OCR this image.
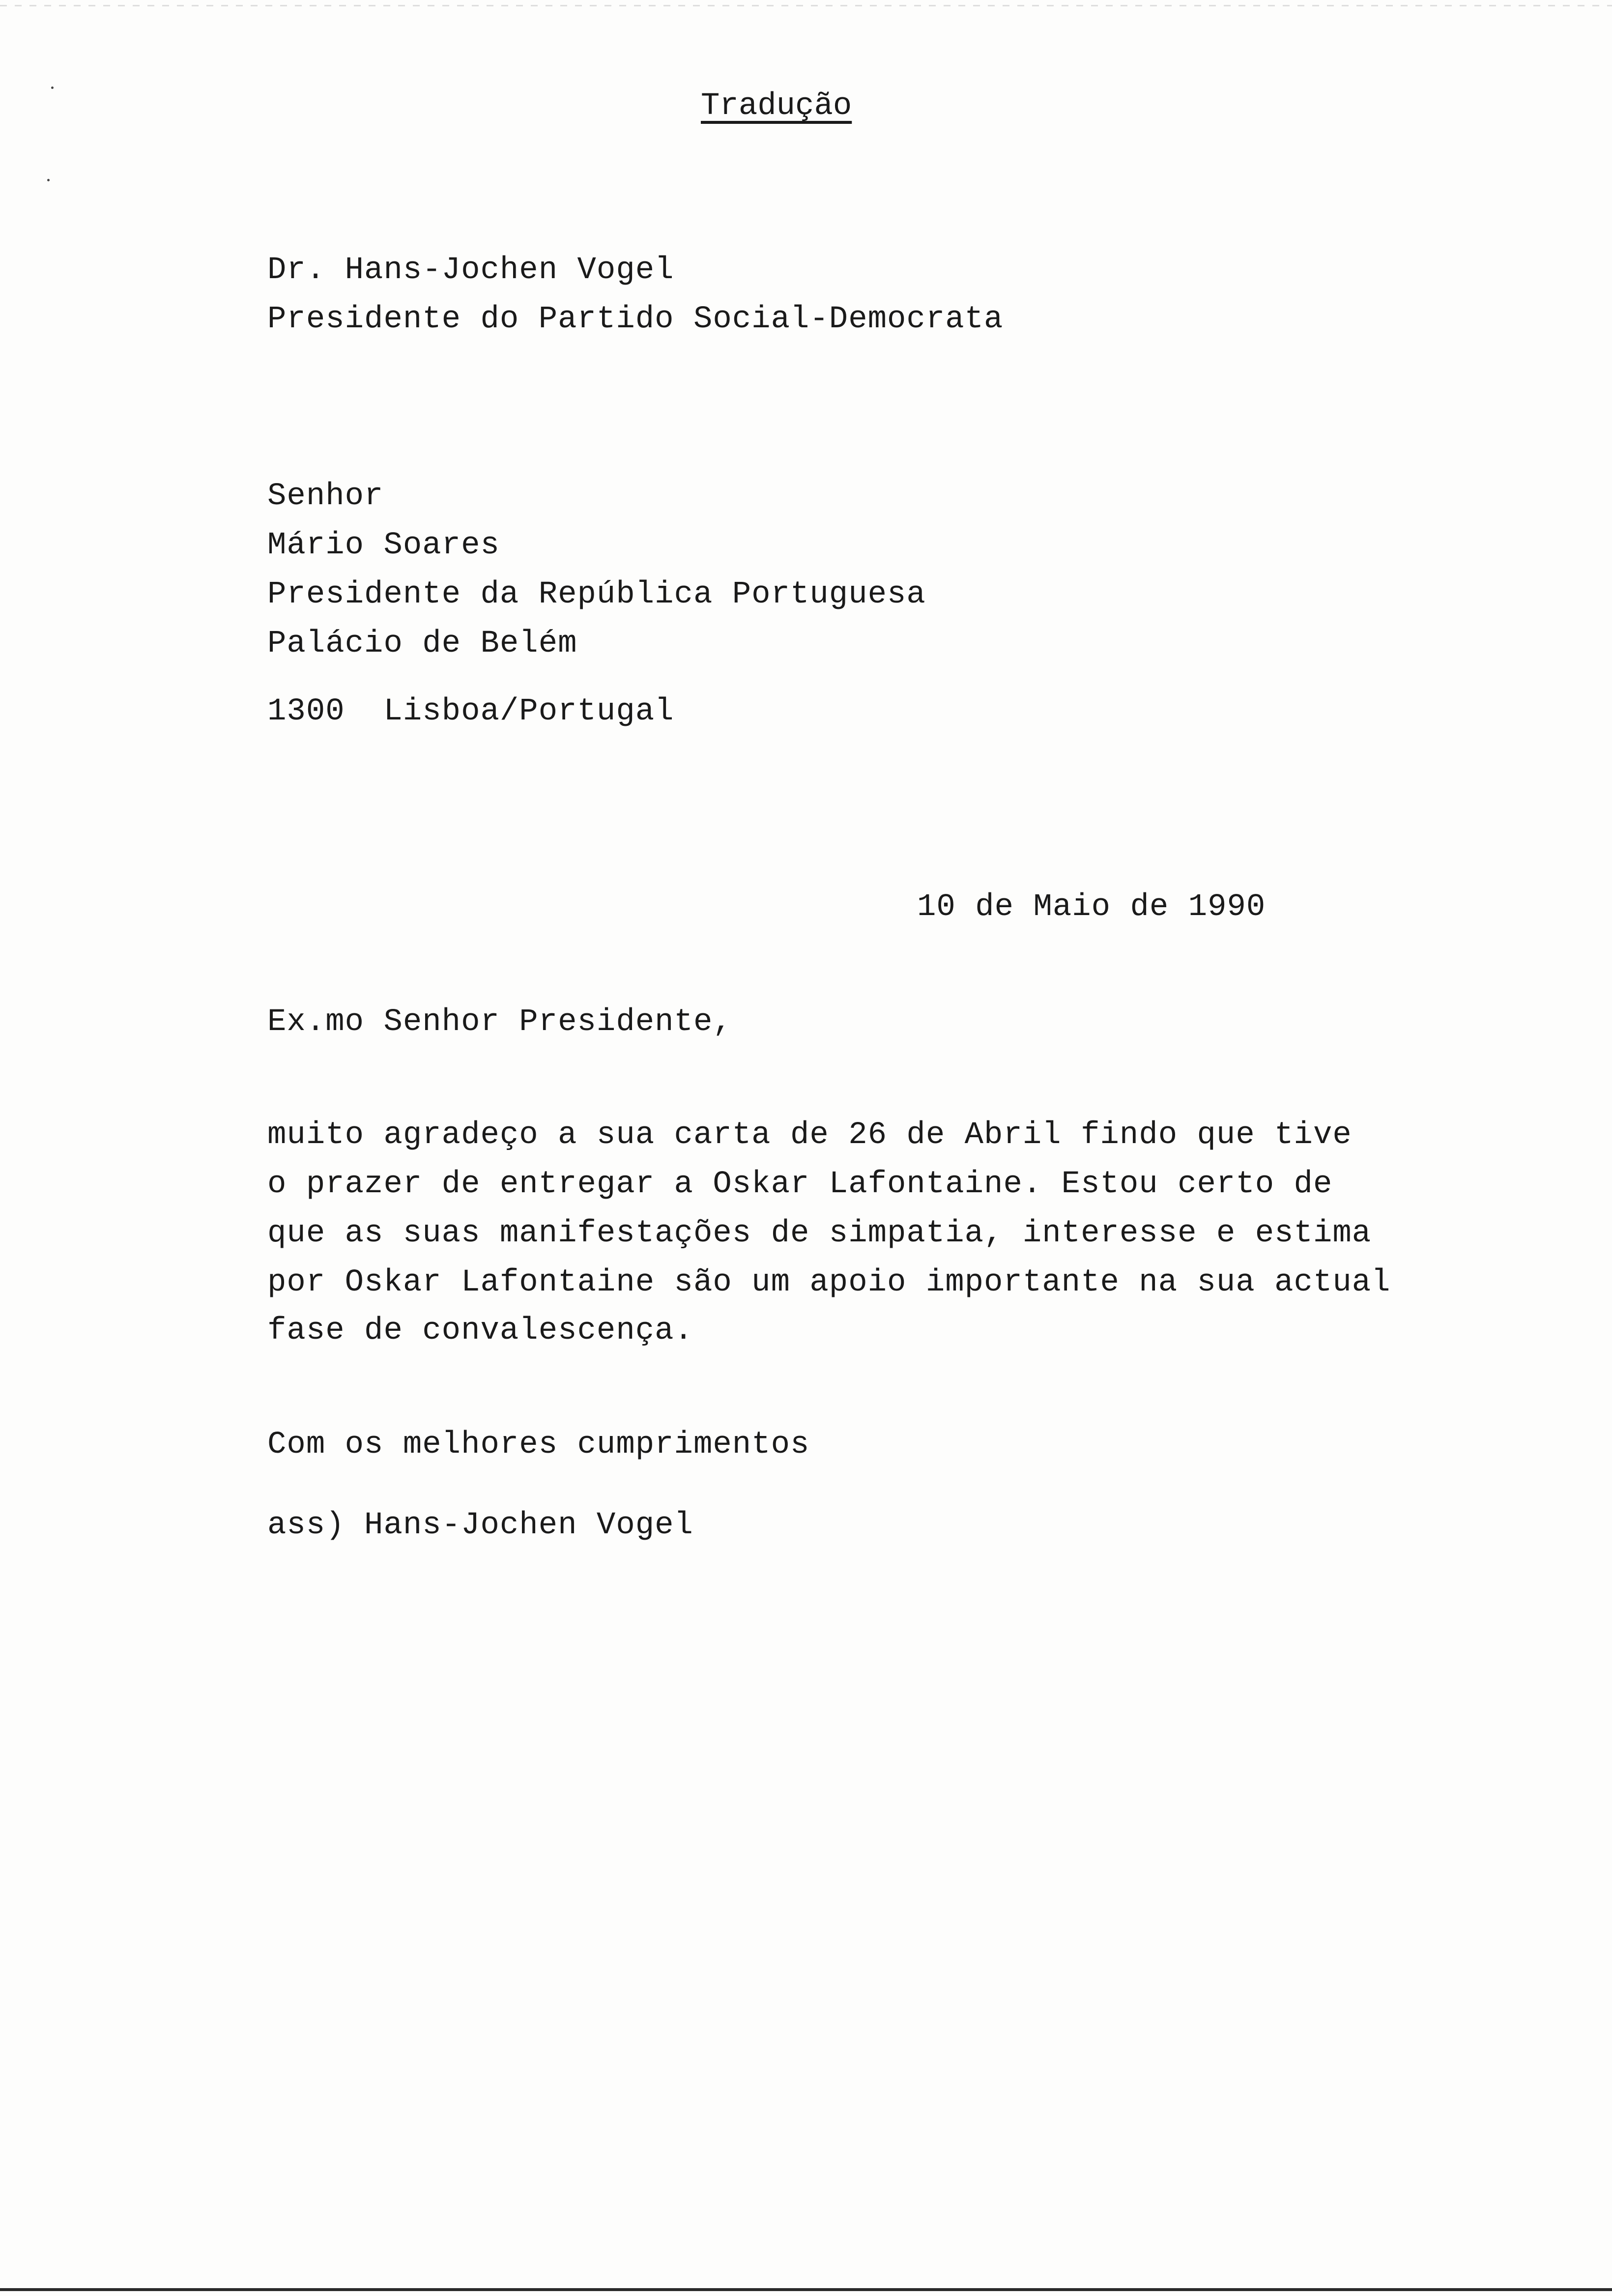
Tradução
Dr. Hans-Jochen Vogel
Presidente do Partido Social-Democrata
Senhor
Mário Soares
Presidente da República Portuguesa
Palácio de Belém
1300  Lisboa/Portugal
10 de Maio de 1990
Ex.mo Senhor Presidente,
muito agradeço a sua carta de 26 de Abril findo que tive
o prazer de entregar a Oskar Lafontaine. Estou certo de
que as suas manifestações de simpatia, interesse e estima
por Oskar Lafontaine são um apoio importante na sua actual
fase de convalescença.
Com os melhores cumprimentos
ass) Hans-Jochen Vogel
